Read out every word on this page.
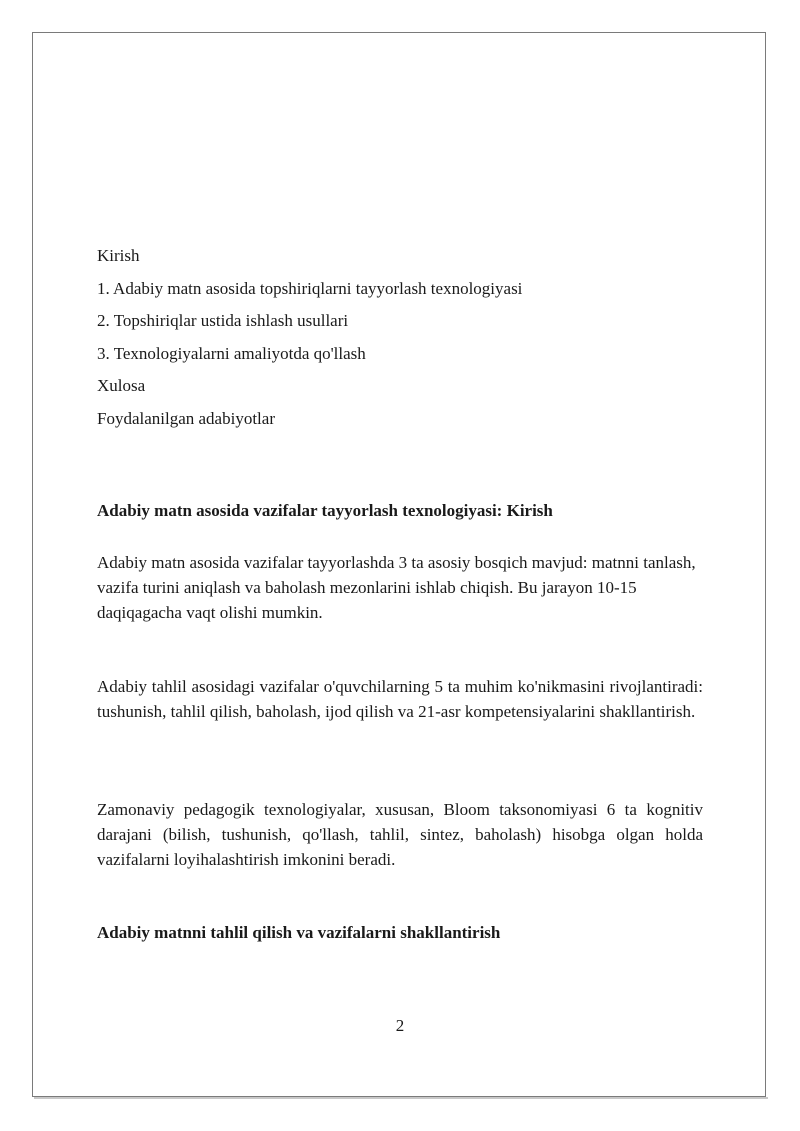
Kirish
1. Adabiy matn asosida topshiriqlarni tayyorlash texnologiyasi
2. Topshiriqlar ustida ishlash usullari
3. Texnologiyalarni amaliyotda qo'llash
Xulosa
Foydalanilgan adabiyotlar
Adabiy matn asosida vazifalar tayyorlash texnologiyasi: Kirish
Adabiy matn asosida vazifalar tayyorlashda 3 ta asosiy bosqich mavjud: matnni tanlash, vazifa turini aniqlash va baholash mezonlarini ishlab chiqish. Bu jarayon 10-15 daqiqagacha vaqt olishi mumkin.
Adabiy tahlil asosidagi vazifalar o'quvchilarning 5 ta muhim ko'nikmasini rivojlantiradi: tushunish, tahlil qilish, baholash, ijod qilish va 21-asr kompetensiyalarini shakllantirish.
Zamonaviy pedagogik texnologiyalar, xususan, Bloom taksonomiyasi 6 ta kognitiv darajani (bilish, tushunish, qo'llash, tahlil, sintez, baholash) hisobga olgan holda vazifalarni loyihalashtirish imkonini beradi.
Adabiy matnni tahlil qilish va vazifalarni shakllantirish
2
